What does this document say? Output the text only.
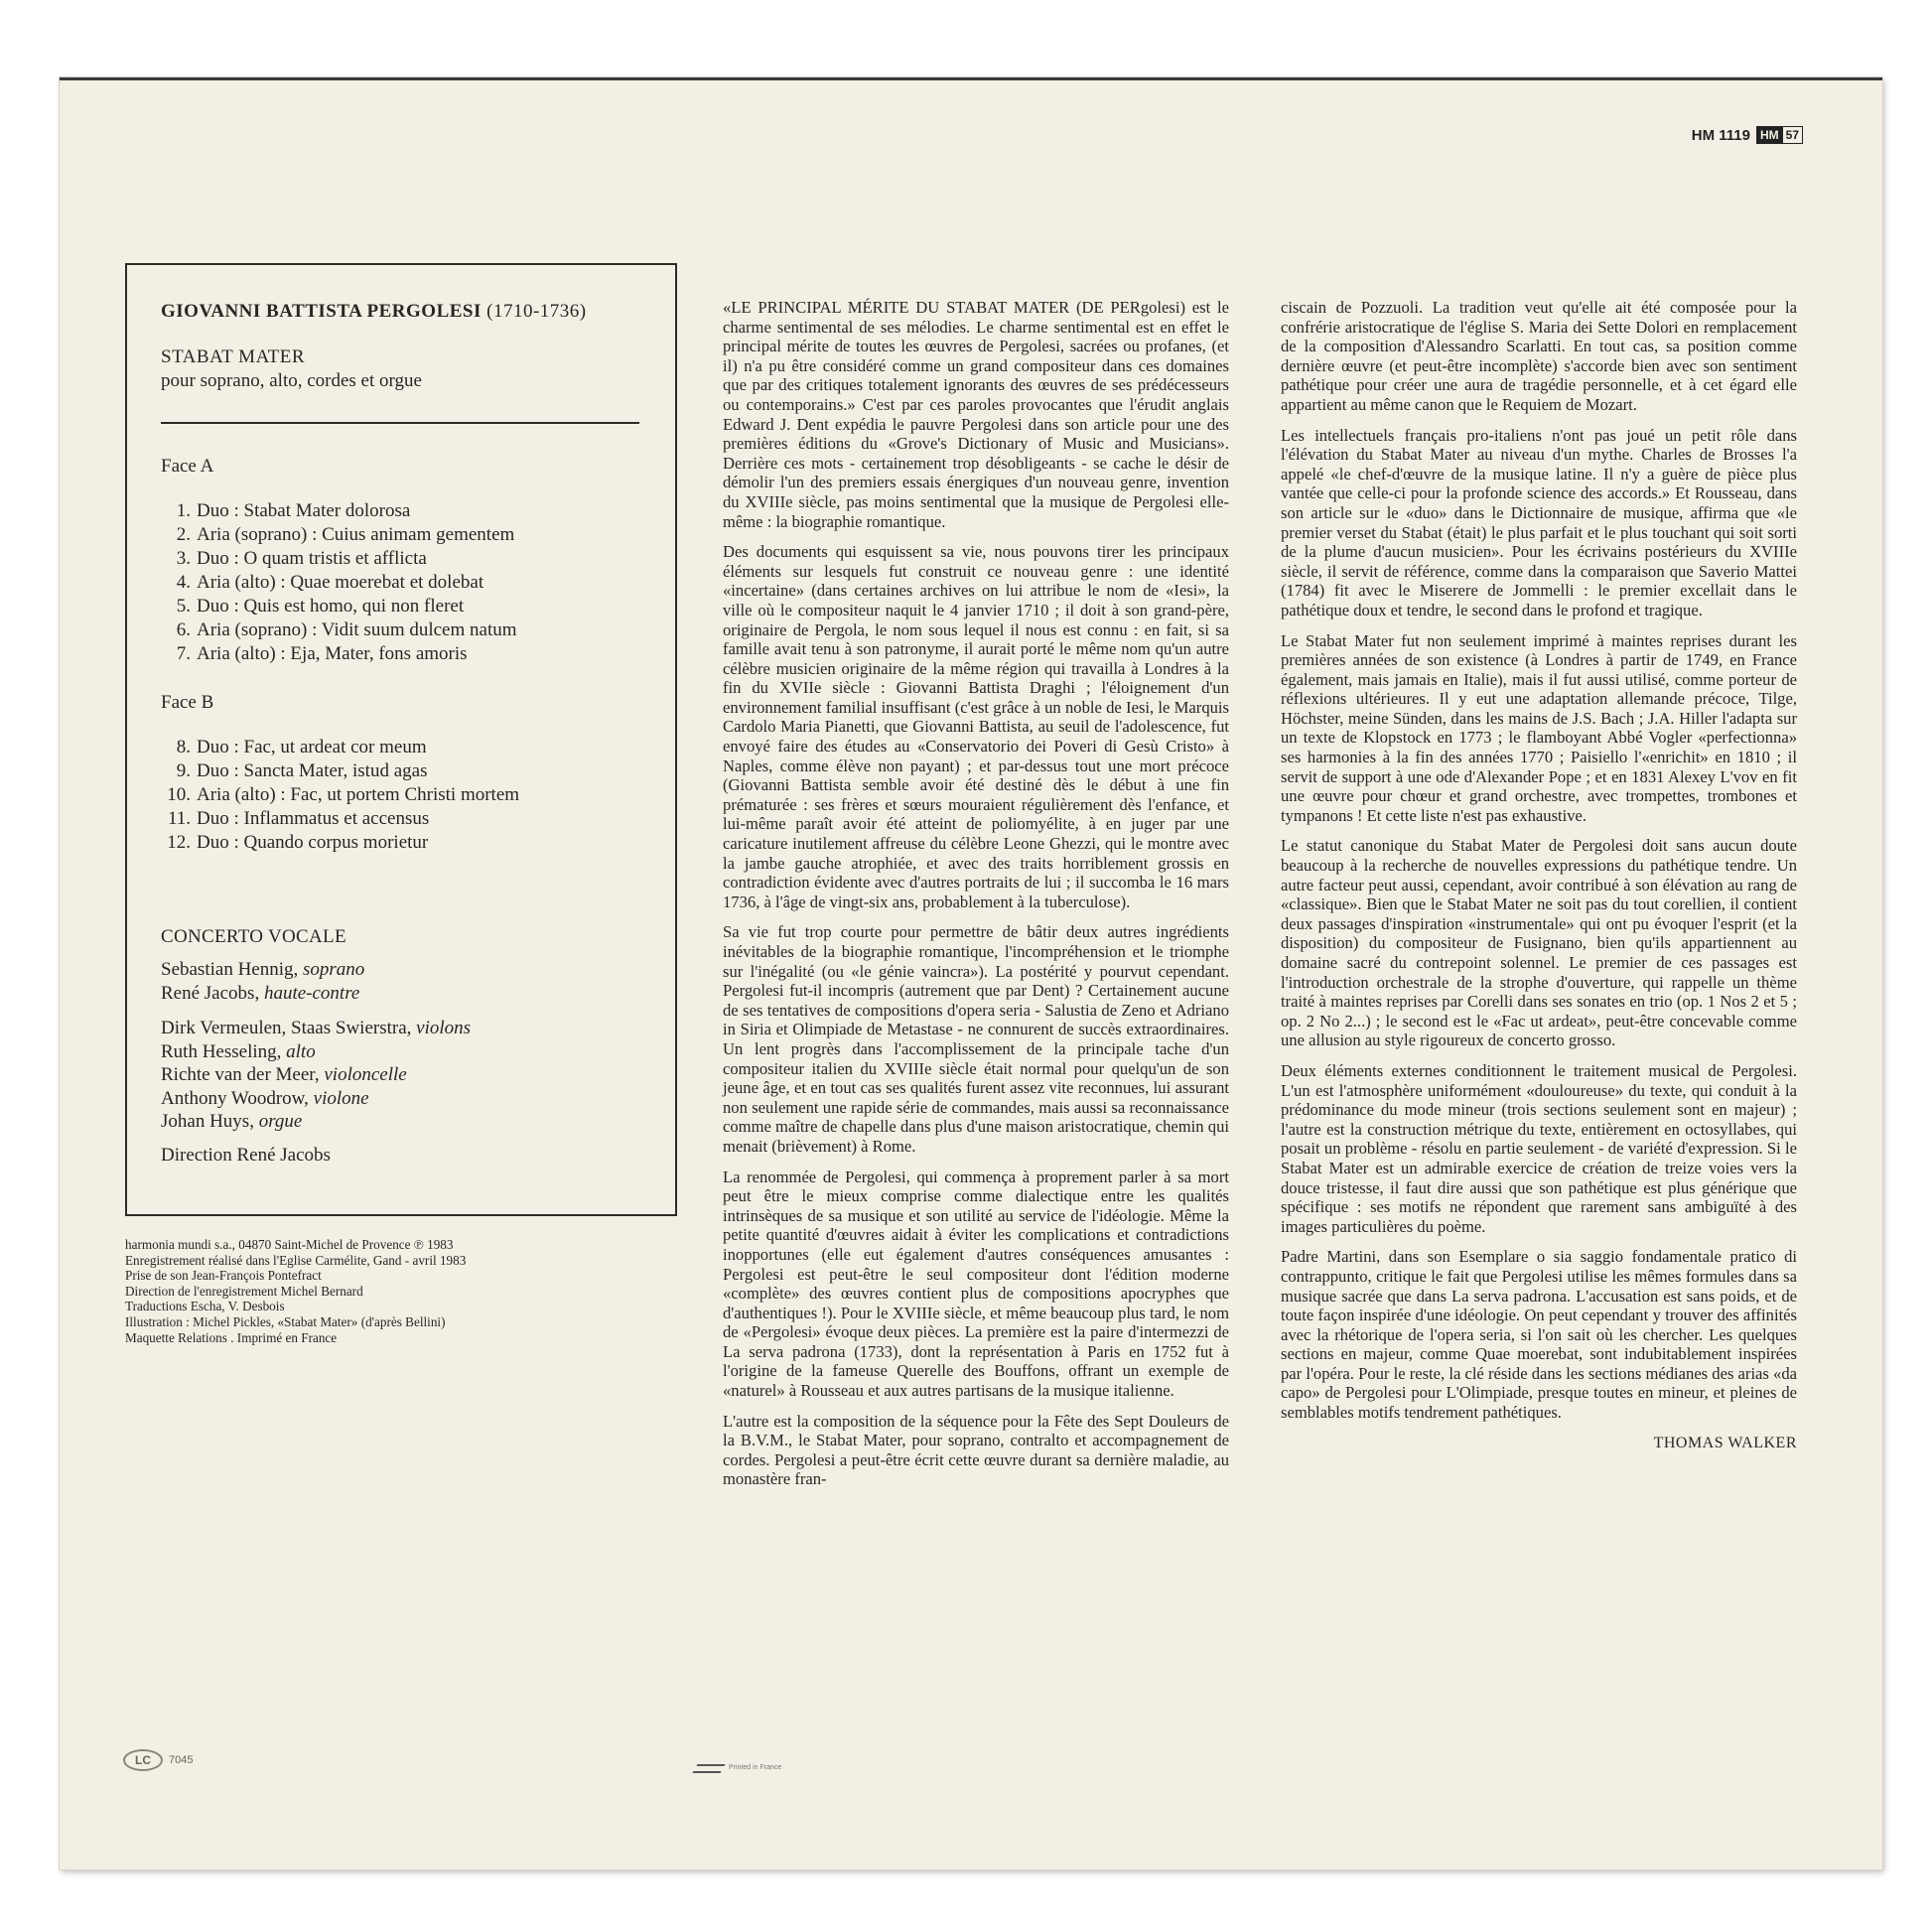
HM 1119 HM 57
GIOVANNI BATTISTA PERGOLESI (1710-1736)
STABAT MATER
pour soprano, alto, cordes et orgue
Face A
1. Duo : Stabat Mater dolorosa
2. Aria (soprano) : Cuius animam gementem
3. Duo : O quam tristis et afflicta
4. Aria (alto) : Quae moerebat et dolebat
5. Duo : Quis est homo, qui non fleret
6. Aria (soprano) : Vidit suum dulcem natum
7. Aria (alto) : Eja, Mater, fons amoris
Face B
8. Duo : Fac, ut ardeat cor meum
9. Duo : Sancta Mater, istud agas
10. Aria (alto) : Fac, ut portem Christi mortem
11. Duo : Inflammatus et accensus
12. Duo : Quando corpus morietur
CONCERTO VOCALE

Sebastian Hennig, soprano

René Jacobs, haute-contre

Dirk Vermeulen, Staas Swierstra, violons

Ruth Hesseling, alto

Richte van der Meer, violoncelle

Anthony Woodrow, violone

Johan Huys, orgue

Direction René Jacobs

harmonia mundi s.a., 04870 Saint-Michel de Provence ℗ 1983
Enregistrement réalisé dans l'Eglise Carmélite, Gand - avril 1983
Prise de son Jean-François Pontefract
Direction de l'enregistrement Michel Bernard
Traductions Escha, V. Desbois
Illustration : Michel Pickles, «Stabat Mater» (d'après Bellini)
Maquette Relations . Imprimé en France

«LE PRINCIPAL MÉRITE DU STABAT MATER (DE PERgolesi) est le charme sentimental de ses mélodies. Le charme sentimental est en effet le principal mérite de toutes les œuvres de Pergolesi, sacrées ou profanes, (et il) n'a pu être considéré comme un grand compositeur dans ces domaines que par des critiques totalement ignorants des œuvres de ses prédécesseurs ou contemporains.» C'est par ces paroles provocantes que l'érudit anglais Edward J. Dent expédia le pauvre Pergolesi dans son article pour une des premières éditions du «Grove's Dictionary of Music and Musicians». Derrière ces mots - certainement trop désobligeants - se cache le désir de démolir l'un des premiers essais énergiques d'un nouveau genre, invention du XVIIIe siècle, pas moins sentimental que la musique de Pergolesi elle-même : la biographie romantique.

Des documents qui esquissent sa vie, nous pouvons tirer les principaux éléments sur lesquels fut construit ce nouveau genre : une identité «incertaine» (dans certaines archives on lui attribue le nom de «Iesi», la ville où le compositeur naquit le 4 janvier 1710 ; il doit à son grand-père, originaire de Pergola, le nom sous lequel il nous est connu : en fait, si sa famille avait tenu à son patronyme, il aurait porté le même nom qu'un autre célèbre musicien originaire de la même région qui travailla à Londres à la fin du XVIIe siècle : Giovanni Battista Draghi ; l'éloignement d'un environnement familial insuffisant (c'est grâce à un noble de Iesi, le Marquis Cardolo Maria Pianetti, que Giovanni Battista, au seuil de l'adolescence, fut envoyé faire des études au «Conservatorio dei Poveri di Gesù Cristo» à Naples, comme élève non payant) ; et par-dessus tout une mort précoce (Giovanni Battista semble avoir été destiné dès le début à une fin prématurée : ses frères et sœurs mouraient régulièrement dès l'enfance, et lui-même paraît avoir été atteint de poliomyélite, à en juger par une caricature inutilement affreuse du célèbre Leone Ghezzi, qui le montre avec la jambe gauche atrophiée, et avec des traits horriblement grossis en contradiction évidente avec d'autres portraits de lui ; il succomba le 16 mars 1736, à l'âge de vingt-six ans, probablement à la tuberculose).

Sa vie fut trop courte pour permettre de bâtir deux autres ingrédients inévitables de la biographie romantique, l'incompréhension et le triomphe sur l'inégalité (ou «le génie vaincra»). La postérité y pourvut cependant. Pergolesi fut-il incompris (autrement que par Dent) ? Certainement aucune de ses tentatives de compositions d'opera seria - Salustia de Zeno et Adriano in Siria et Olimpiade de Metastase - ne connurent de succès extraordinaires. Un lent progrès dans l'accomplissement de la principale tache d'un compositeur italien du XVIIIe siècle était normal pour quelqu'un de son jeune âge, et en tout cas ses qualités furent assez vite reconnues, lui assurant non seulement une rapide série de commandes, mais aussi sa reconnaissance comme maître de chapelle dans plus d'une maison aristocratique, chemin qui menait (brièvement) à Rome.

La renommée de Pergolesi, qui commença à proprement parler à sa mort peut être le mieux comprise comme dialectique entre les qualités intrinsèques de sa musique et son utilité au service de l'idéologie. Même la petite quantité d'œuvres aidait à éviter les complications et contradictions inopportunes (elle eut également d'autres conséquences amusantes : Pergolesi est peut-être le seul compositeur dont l'édition moderne «complète» des œuvres contient plus de compositions apocryphes que d'authentiques !). Pour le XVIIIe siècle, et même beaucoup plus tard, le nom de «Pergolesi» évoque deux pièces. La première est la paire d'intermezzi de La serva padrona (1733), dont la représentation à Paris en 1752 fut à l'origine de la fameuse Querelle des Bouffons, offrant un exemple de «naturel» à Rousseau et aux autres partisans de la musique italienne.

L'autre est la composition de la séquence pour la Fête des Sept Douleurs de la B.V.M., le Stabat Mater, pour soprano, contralto et accompagnement de cordes. Pergolesi a peut-être écrit cette œuvre durant sa dernière maladie, au monastère fran-

ciscain de Pozzuoli. La tradition veut qu'elle ait été composée pour la confrérie aristocratique de l'église S. Maria dei Sette Dolori en remplacement de la composition d'Alessandro Scarlatti. En tout cas, sa position comme dernière œuvre (et peut-être incomplète) s'accorde bien avec son sentiment pathétique pour créer une aura de tragédie personnelle, et à cet égard elle appartient au même canon que le Requiem de Mozart.

Les intellectuels français pro-italiens n'ont pas joué un petit rôle dans l'élévation du Stabat Mater au niveau d'un mythe. Charles de Brosses l'a appelé «le chef-d'œuvre de la musique latine. Il n'y a guère de pièce plus vantée que celle-ci pour la profonde science des accords.» Et Rousseau, dans son article sur le «duo» dans le Dictionnaire de musique, affirma que «le premier verset du Stabat (était) le plus parfait et le plus touchant qui soit sorti de la plume d'aucun musicien». Pour les écrivains postérieurs du XVIIIe siècle, il servit de référence, comme dans la comparaison que Saverio Mattei (1784) fit avec le Miserere de Jommelli : le premier excellait dans le pathétique doux et tendre, le second dans le profond et tragique.

Le Stabat Mater fut non seulement imprimé à maintes reprises durant les premières années de son existence (à Londres à partir de 1749, en France également, mais jamais en Italie), mais il fut aussi utilisé, comme porteur de réflexions ultérieures. Il y eut une adaptation allemande précoce, Tilge, Höchster, meine Sünden, dans les mains de J.S. Bach ; J.A. Hiller l'adapta sur un texte de Klopstock en 1773 ; le flamboyant Abbé Vogler «perfectionna» ses harmonies à la fin des années 1770 ; Paisiello l'«enrichit» en 1810 ; il servit de support à une ode d'Alexander Pope ; et en 1831 Alexey L'vov en fit une œuvre pour chœur et grand orchestre, avec trompettes, trombones et tympanons ! Et cette liste n'est pas exhaustive.

Le statut canonique du Stabat Mater de Pergolesi doit sans aucun doute beaucoup à la recherche de nouvelles expressions du pathétique tendre. Un autre facteur peut aussi, cependant, avoir contribué à son élévation au rang de «classique». Bien que le Stabat Mater ne soit pas du tout corellien, il contient deux passages d'inspiration «instrumentale» qui ont pu évoquer l'esprit (et la disposition) du compositeur de Fusignano, bien qu'ils appartiennent au domaine sacré du contrepoint solennel. Le premier de ces passages est l'introduction orchestrale de la strophe d'ouverture, qui rappelle un thème traité à maintes reprises par Corelli dans ses sonates en trio (op. 1 Nos 2 et 5 ; op. 2 No 2...) ; le second est le «Fac ut ardeat», peut-être concevable comme une allusion au style rigoureux de concerto grosso.

Deux éléments externes conditionnent le traitement musical de Pergolesi. L'un est l'atmosphère uniformément «douloureuse» du texte, qui conduit à la prédominance du mode mineur (trois sections seulement sont en majeur) ; l'autre est la construction métrique du texte, entièrement en octosyllabes, qui posait un problème - résolu en partie seulement - de variété d'expression. Si le Stabat Mater est un admirable exercice de création de treize voies vers la douce tristesse, il faut dire aussi que son pathétique est plus générique que spécifique : ses motifs ne répondent que rarement sans ambiguïté à des images particulières du poème.

Padre Martini, dans son Esemplare o sia saggio fondamentale pratico di contrappunto, critique le fait que Pergolesi utilise les mêmes formules dans sa musique sacrée que dans La serva padrona. L'accusation est sans poids, et de toute façon inspirée d'une idéologie. On peut cependant y trouver des affinités avec la rhétorique de l'opera seria, si l'on sait où les chercher. Les quelques sections en majeur, comme Quae moerebat, sont indubitablement inspirées par l'opéra. Pour le reste, la clé réside dans les sections médianes des arias «da capo» de Pergolesi pour L'Olimpiade, presque toutes en mineur, et pleines de semblables motifs tendrement pathétiques.

THOMAS WALKER
LC	7045
Printed in France
